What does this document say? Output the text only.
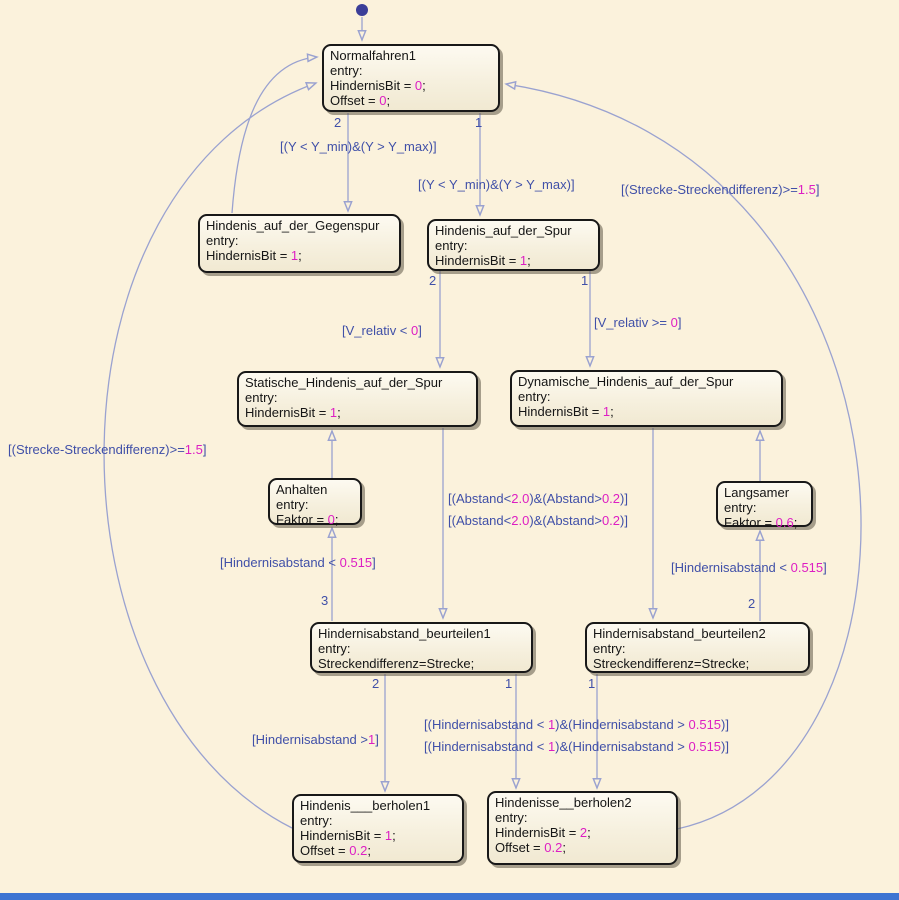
Normalfahren1
entry:
HindernisBit = 0;
Offset = 0;
Hindenis_auf_der_Gegenspur
entry:
HindernisBit = 1;
Hindenis_auf_der_Spur
entry:
HindernisBit = 1;
Statische_Hindenis_auf_der_Spur
entry:
HindernisBit = 1;
Dynamische_Hindenis_auf_der_Spur
entry:
HindernisBit = 1;
Anhalten
entry:
Faktor = 0;
Langsamer
entry:
Faktor = 0.6;
Hindernisabstand_beurteilen1
entry:
Streckendifferenz=Strecke;
Hindernisabstand_beurteilen2
entry:
Streckendifferenz=Strecke;
Hindenis___berholen1
entry:
HindernisBit = 1;
Offset = 0.2;
Hindenisse__berholen2
entry:
HindernisBit = 2;
Offset = 0.2;
[(Y < Y_min)&(Y > Y_max)]
[(Y < Y_min)&(Y > Y_max)]
[V_relativ < 0]
[V_relativ >= 0]
[(Abstand<2.0)&(Abstand>0.2)]
[(Abstand<2.0)&(Abstand>0.2)]
[Hindernisabstand < 0.515]	[Hindernisabstand < 0.515]
[(Hindernisabstand < 1)&(Hindernisabstand > 0.515)]
[(Hindernisabstand < 1)&(Hindernisabstand > 0.515)]
[Hindernisabstand >1]
[(Strecke-Streckendifferenz)>=1.5]
[(Strecke-Streckendifferenz)>=1.5]
2	1
2	1
3	2
2	1	1
